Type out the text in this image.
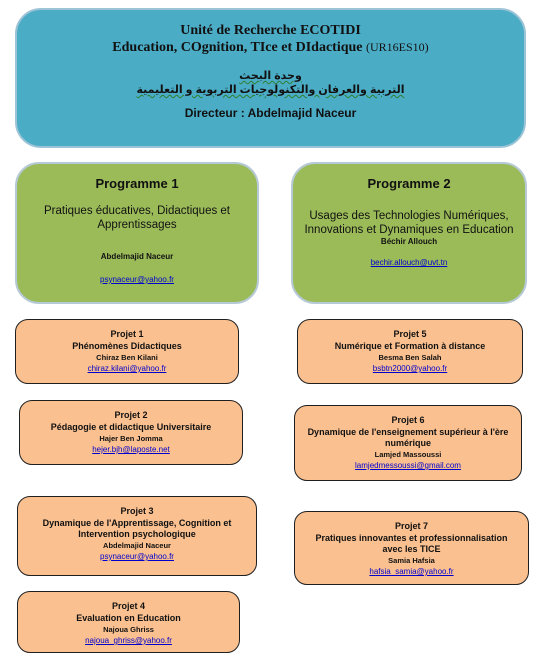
Unité de Recherche ECOTIDI
Education, COgnition, TIce et DIdactique (UR16ES10)
وحدة البحث
التربية والعرفان والتكنولوجيات التربوية و التعليمية
Directeur : Abdelmajid Naceur
Programme 1
Pratiques éducatives, Didactiques et Apprentissages
Abdelmajid Naceur
psynaceur@yahoo.fr
Programme 2
Usages des Technologies Numériques, Innovations et Dynamiques en Education
Béchir Allouch
bechir.allouch@uvt.tn
Projet 1
Phénomènes Didactiques
Chiraz Ben Kilani
chiraz.kilani@yahoo.fr
Projet 2
Pédagogie et didactique Universitaire
Hajer Ben Jomma
hejer.bjh@laposte.net
Projet 3
Dynamique de l'Apprentissage, Cognition et Intervention psychologique
Abdelmajid Naceur
psynaceur@yahoo.fr
Projet 4
Evaluation en Education
Najoua Ghriss
najoua_ghriss@yahoo.fr
Projet 5
Numérique et Formation à distance
Besma Ben Salah
bsbtn2000@yahoo.fr
Projet 6
Dynamique de l'enseignement supérieur à l'ère numérique
Lamjed Massoussi
lamjedmessoussi@gmail.com
Projet 7
Pratiques innovantes et professionnalisation avec les TICE
Samia Hafsia
hafsia_samia@yahoo.fr
